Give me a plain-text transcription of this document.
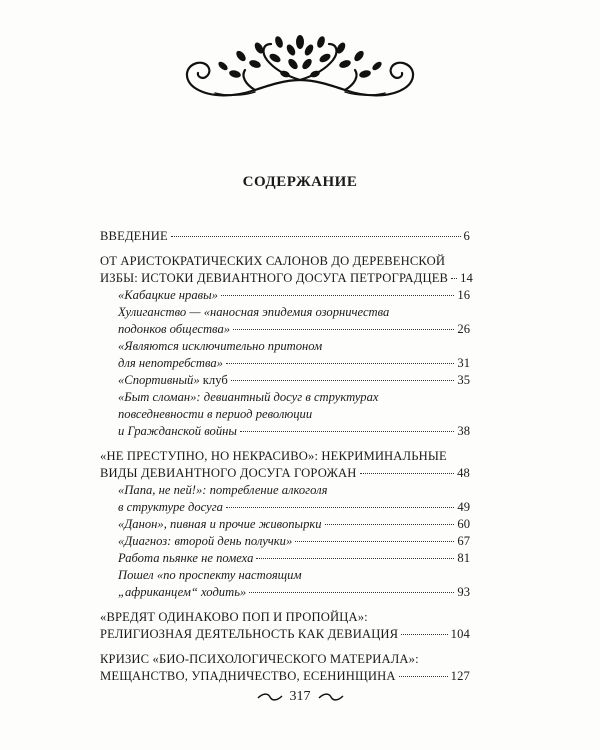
СОДЕРЖАНИЕ
ВВЕДЕНИЕ	6
ОТ АРИСТОКРАТИЧЕСКИХ САЛОНОВ ДО ДЕРЕВЕНСКОЙ
ИЗБЫ: ИСТОКИ ДЕВИАНТНОГО ДОСУГА ПЕТРОГРАДЦЕВ 14
«Кабацкие нравы»	16
Хулиганство — «наносная эпидемия озорничества
подонков общества»	26
«Являются исключительно притоном
для непотребства»	31
«Спортивный» клуб	35
«Быт сломан»: девиантный досуг в структурах
повседневности в период революции
и Гражданской войны	38
«НЕ ПРЕСТУПНО, НО НЕКРАСИВО»: НЕКРИМИНАЛЬНЫЕ
ВИДЫ ДЕВИАНТНОГО ДОСУГА ГОРОЖАН	48
«Папа, не пей!»: потребление алкоголя
в структуре досуга	49
«Данон», пивная и прочие живопырки	60
«Диагноз: второй день получки»	67
Работа пьянке не помеха	81
Пошел «по проспекту настоящим
„африканцем“ ходить»	93
«ВРЕДЯТ ОДИНАКОВО ПОП И ПРОПОЙЦА»:
РЕЛИГИОЗНАЯ ДЕЯТЕЛЬНОСТЬ КАК ДЕВИАЦИЯ	104
КРИЗИС «БИО-ПСИХОЛОГИЧЕСКОГО МАТЕРИАЛА»:
МЕЩАНСТВО, УПАДНИЧЕСТВО, ЕСЕНИНЩИНА	127
317
